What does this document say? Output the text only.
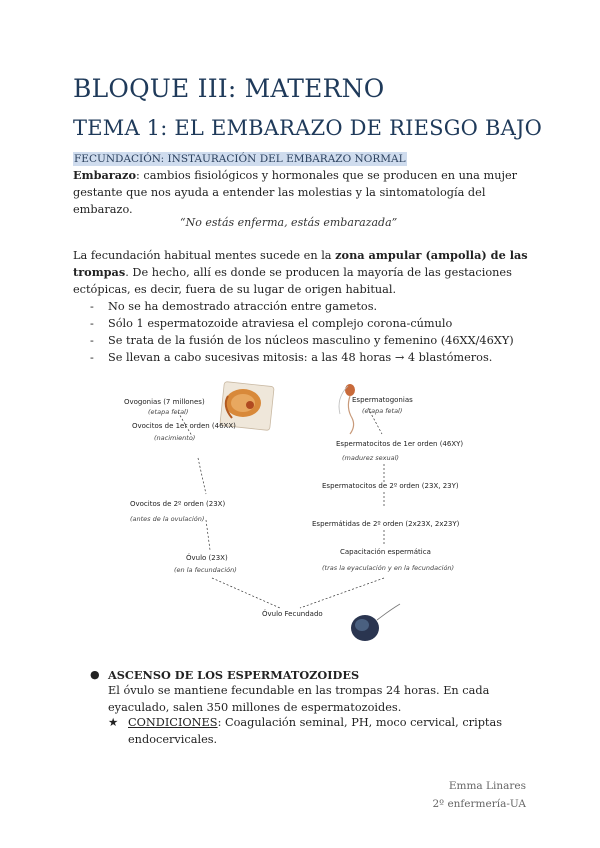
BLOQUE III: MATERNO
TEMA 1: EL EMBARAZO DE RIESGO BAJO
FECUNDACIÓN: INSTAURACIÓN DEL EMBARAZO NORMAL
Embarazo: cambios fisiológicos y hormonales que se producen en una mujer gestante que nos ayuda a entender las molestias y la sintomatología del embarazo.
“No estás enferma, estás embarazada”
La fecundación habitual mentes sucede en la zona ampular (ampolla) de las trompas. De hecho, allí es donde se producen la mayoría de las gestaciones ectópicas, es decir, fuera de su lugar de origen habitual.
- No se ha demostrado atracción entre gametos.
- Sólo 1 espermatozoide atraviesa el complejo corona-cúmulo
- Se trata de la fusión de los núcleos masculino y femenino (46XX/46XY)
- Se llevan a cabo sucesivas mitosis: a las 48 horas → 4 blastómeros.
Ovogonias (7 millones)
(etapa fetal)
Ovocitos de 1er orden (46XX)
(nacimiento)
Ovocitos de 2º orden (23X)
(antes de la ovulación)
Óvulo (23X)
(en la fecundación)
Espermatogonias
(etapa fetal)
Espermatocitos de 1er orden (46XY)
(madurez sexual)
Espermatocitos de 2º orden (23X, 23Y)
Espermátidas de 2º orden (2x23X, 2x23Y)
Capacitación espermática
(tras la eyaculación y en la fecundación)
Óvulo Fecundado
● ASCENSO DE LOS ESPERMATOZOIDES
El óvulo se mantiene fecundable en las trompas 24 horas. En cada eyaculado, salen 350 millones de espermatozoides.
★ CONDICIONES: Coagulación seminal, PH, moco cervical, criptas endocervicales.
Emma Linares
2º enfermería-UA
